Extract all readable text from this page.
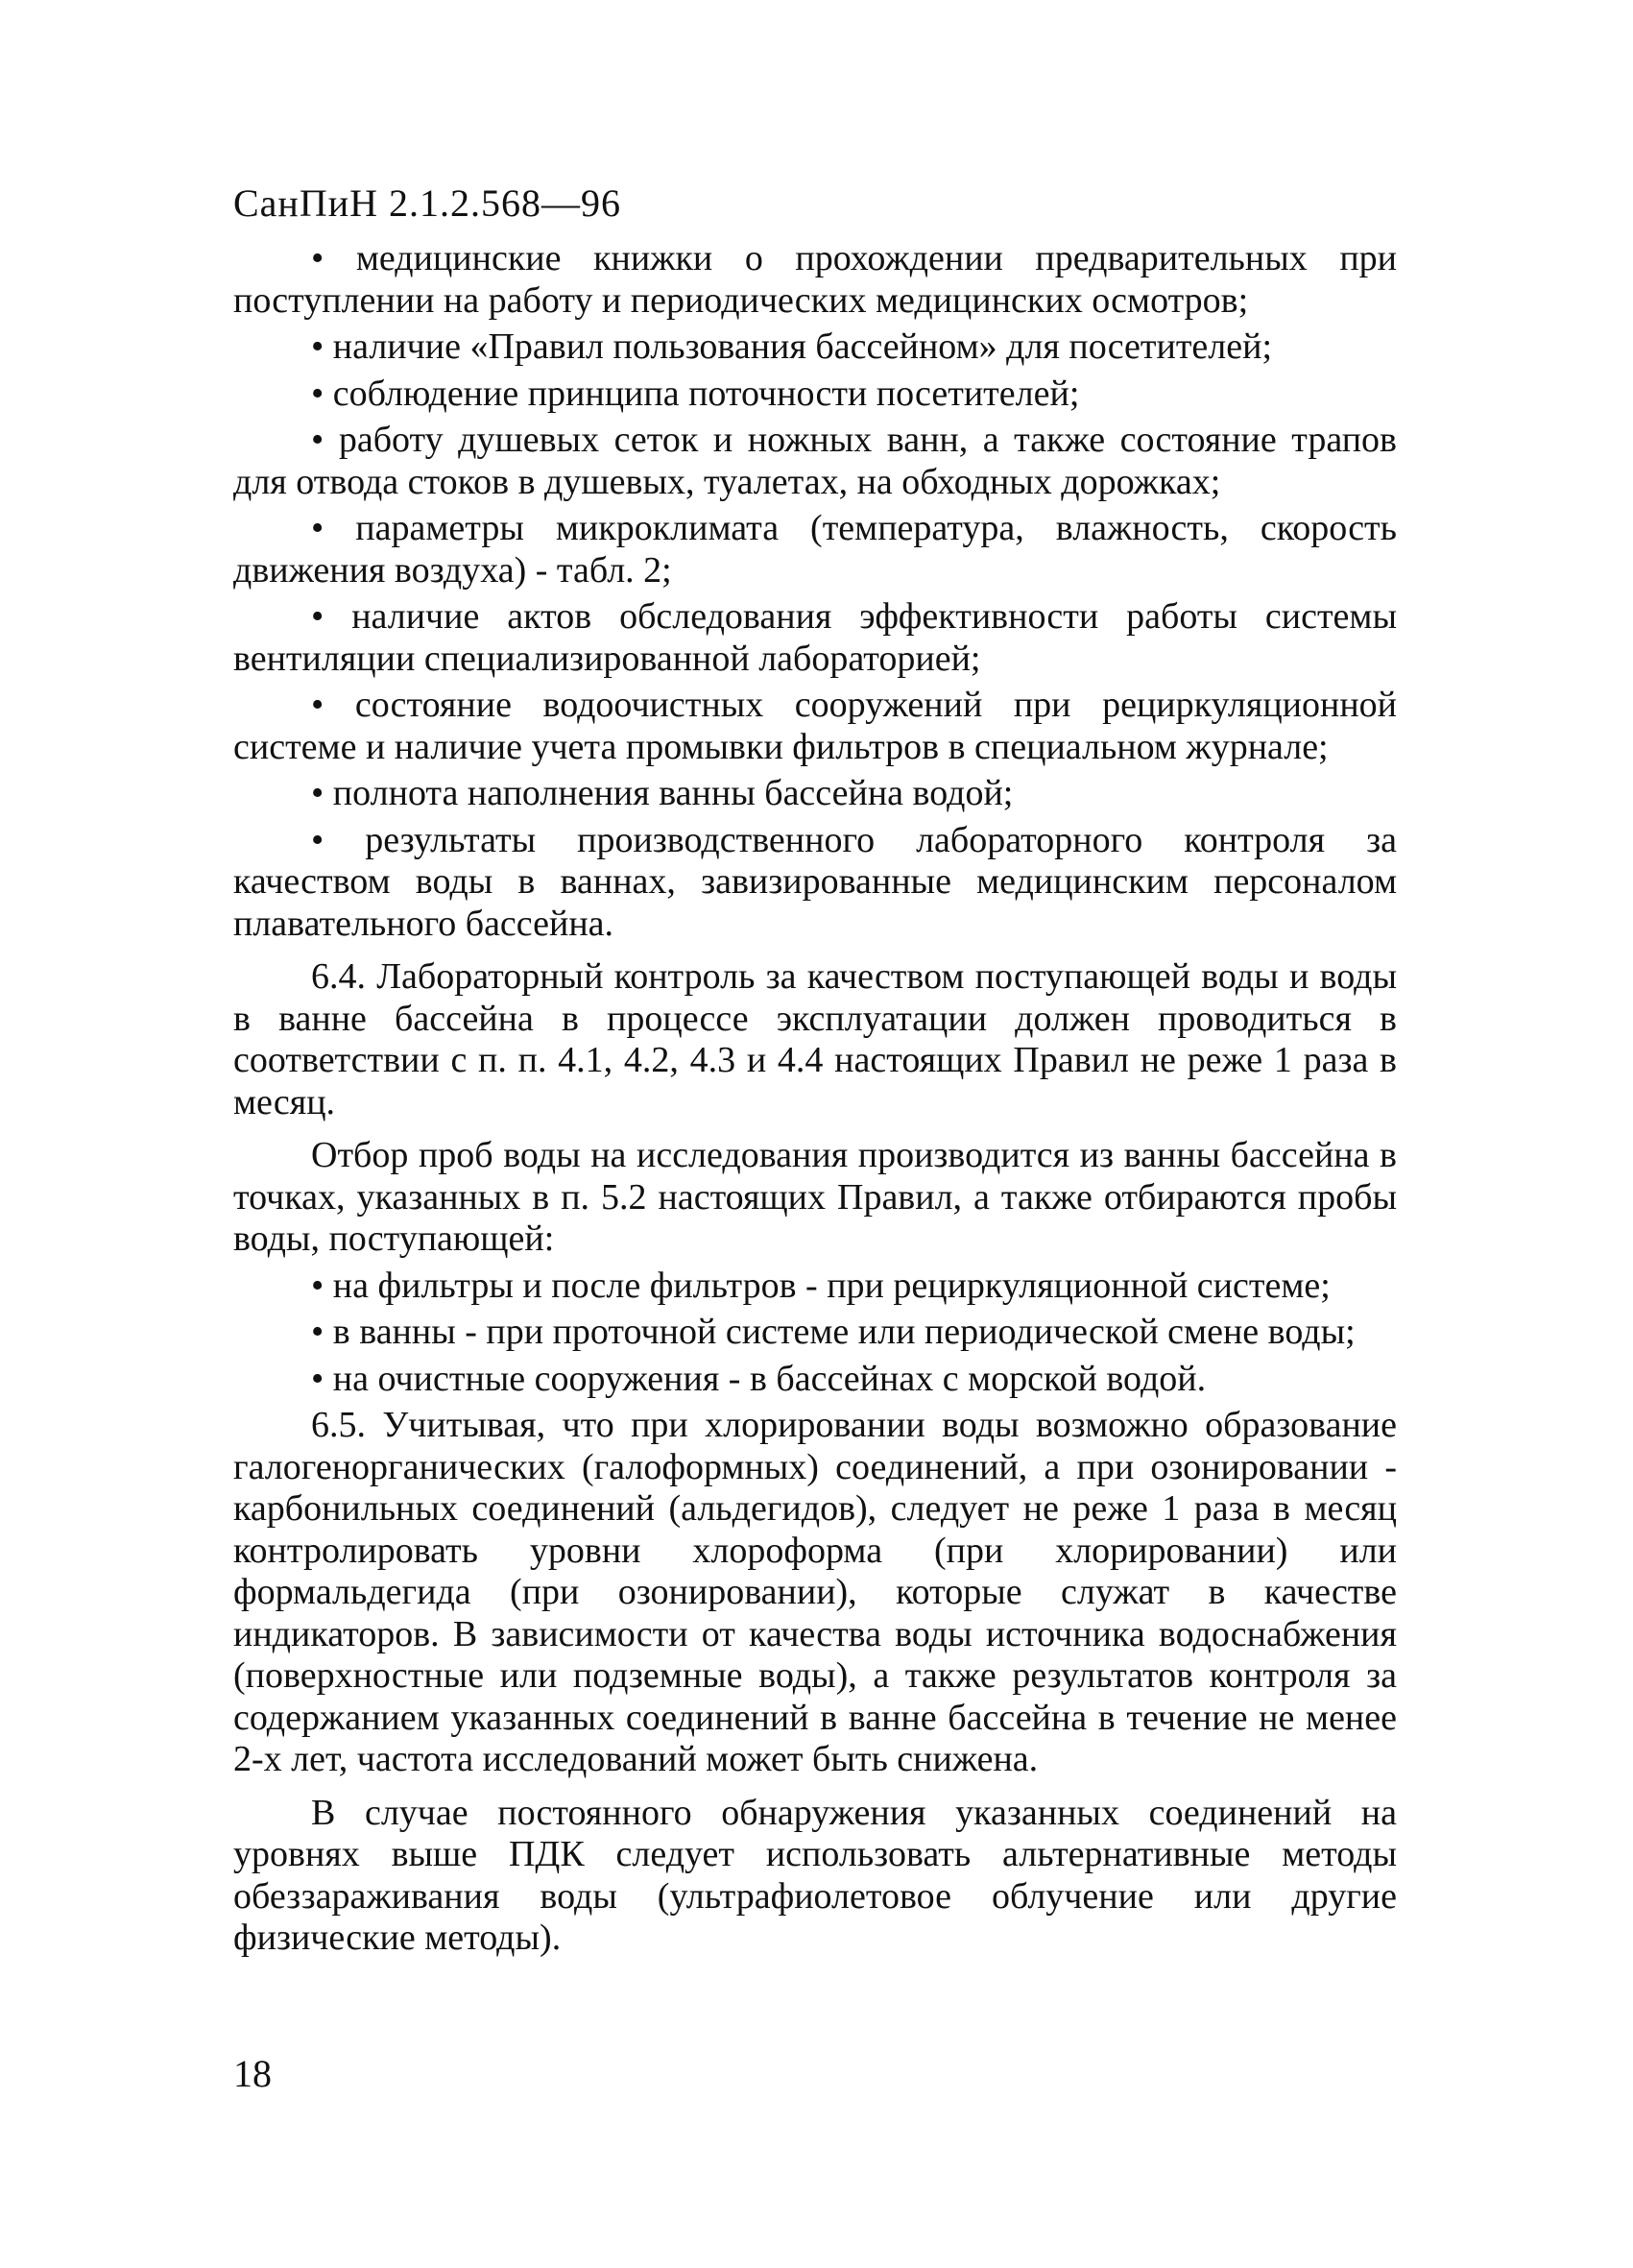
СанПиН 2.1.2.568—96

• медицинские книжки о прохождении предварительных при поступлении на работу и периодических медицинских осмотров;

• наличие «Правил пользования бассейном» для посетителей;

• соблюдение принципа поточности посетителей;

• работу душевых сеток и ножных ванн, а также состояние трапов для отвода стоков в душевых, туалетах, на обходных дорожках;

• параметры микроклимата (температура, влажность, скорость движения воздуха) - табл. 2;

• наличие актов обследования эффективности работы системы вентиляции специализированной лабораторией;

• состояние водоочистных сооружений при рециркуляционной системе и наличие учета промывки фильтров в специальном журнале;

• полнота наполнения ванны бассейна водой;

• результаты производственного лабораторного контроля за качеством воды в ваннах, завизированные медицинским персоналом плавательного бассейна.

6.4. Лабораторный контроль за качеством поступающей воды и воды в ванне бассейна в процессе эксплуатации должен проводиться в соответствии с п. п. 4.1, 4.2, 4.3 и 4.4 настоящих Правил не реже 1 раза в месяц.

Отбор проб воды на исследования производится из ванны бассейна в точках, указанных в п. 5.2 настоящих Правил, а также отбираются пробы воды, поступающей:

• на фильтры и после фильтров - при рециркуляционной системе;

• в ванны - при проточной системе или периодической смене воды;

• на очистные сооружения - в бассейнах с морской водой.

6.5. Учитывая, что при хлорировании воды возможно образование галогенорганических (галоформных) соединений, а при озонировании - карбонильных соединений (альдегидов), следует не реже 1 раза в месяц контролировать уровни хлороформа (при хлорировании) или формальдегида (при озонировании), которые служат в качестве индикаторов. В зависимости от качества воды источника водоснабжения (поверхностные или подземные воды), а также результатов контроля за содержанием указанных соединений в ванне бассейна в течение не менее 2-х лет, частота исследований может быть снижена.

В случае постоянного обнаружения указанных соединений на уровнях выше ПДК следует использовать альтернативные методы обеззараживания воды (ультрафиолетовое облучение или другие физические методы).

18
